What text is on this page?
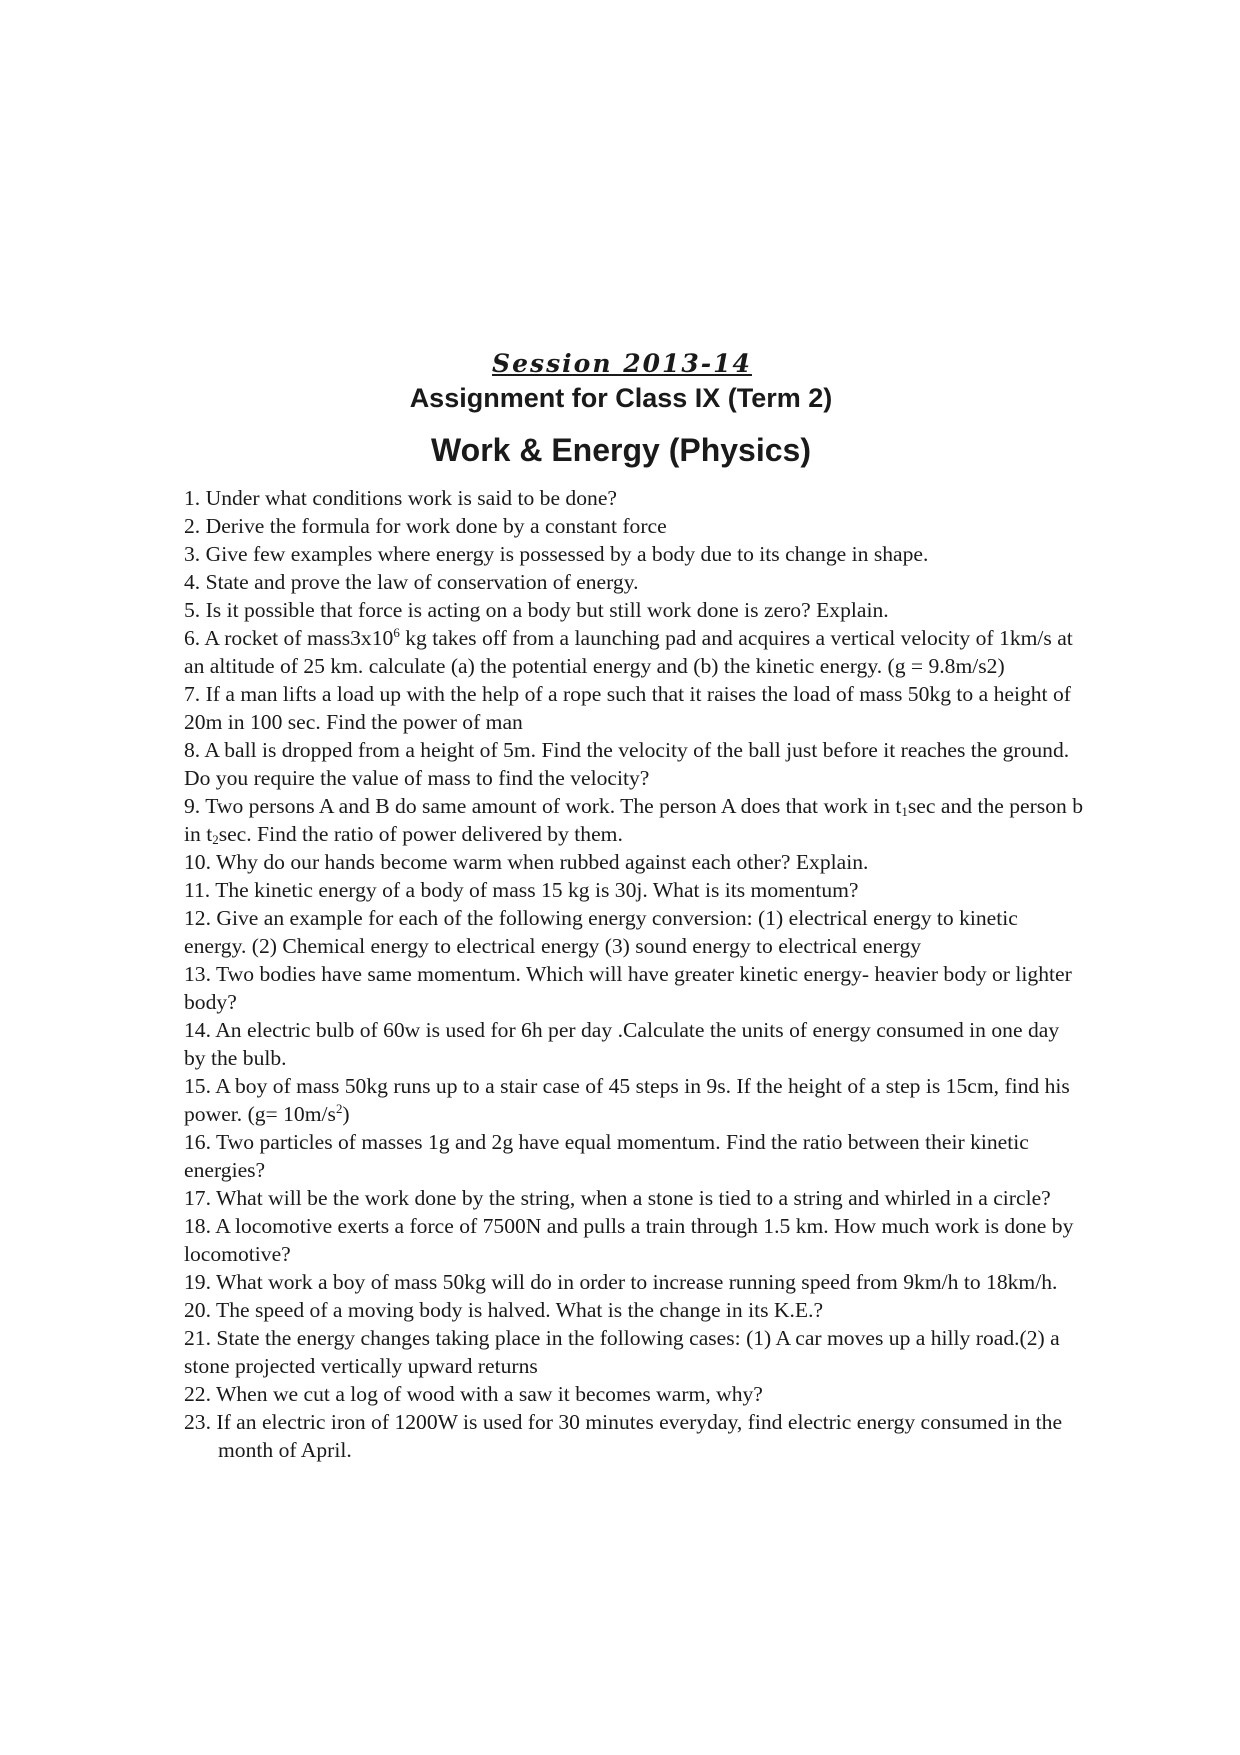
Session 2013-14
Assignment for Class IX (Term 2)
Work & Energy (Physics)
1. Under what conditions work is said to be done?
2. Derive the formula for work done by a constant force
3. Give few examples where energy is possessed by a body due to its change in shape.
4. State and prove the law of conservation of energy.
5. Is it possible that force is acting on a body but still work done is zero? Explain.
6. A rocket of $mass3x10^6$ kg takes off from a launching pad and acquires a vertical velocity of 1km/s at an altitude of 25 km. calculate (a) the potential energy and (b) the kinetic energy. (g = 9.8m/s2)
7. If a man lifts a load up with the help of a rope such that it raises the load of mass 50kg to a height of 20m in 100 sec. Find the power of man
8. A ball is dropped from a height of 5m. Find the velocity of the ball just before it reaches the ground. Do you require the value of mass to find the velocity?
9. Two persons A and B do same amount of work. The person A does that work in $t_1\sec$ and the person b in $t_2\sec$. Find the ratio of power delivered by them.
10. Why do our hands become warm when rubbed against each other? Explain.
11. The kinetic energy of a body of mass 15 kg is 30j. What is its momentum?
12. Give an example for each of the following energy conversion: (1) electrical energy to kinetic energy. (2) Chemical energy to electrical energy (3) sound energy to electrical energy
13. Two bodies have same momentum. Which will have greater kinetic energy- heavier body or lighter body?
14. An electric bulb of 60w is used for 6h per day .Calculate the units of energy consumed in one day by the bulb.
15. A boy of mass 50kg runs up to a stair case of 45 steps in 9s. If the height of a step is 15cm, find his power. $(g= 10m/s^2)$
16. Two particles of masses 1g and 2g have equal momentum. Find the ratio between their kinetic energies?
17. What will be the work done by the string, when a stone is tied to a string and whirled in a circle?
18. A locomotive exerts a force of 7500N and pulls a train through 1.5 km. How much work is done by locomotive?
19. What work a boy of mass 50kg will do in order to increase running speed from 9km/h to 18km/h.
20. The speed of a moving body is halved. What is the change in its K.E.?
21. State the energy changes taking place in the following cases: (1) A car moves up a hilly road.(2) a stone projected vertically upward returns
22. When we cut a log of wood with a saw it becomes warm, why?
23. If an electric iron of 1200W is used for 30 minutes everyday, find electric energy consumed in the month of April.
